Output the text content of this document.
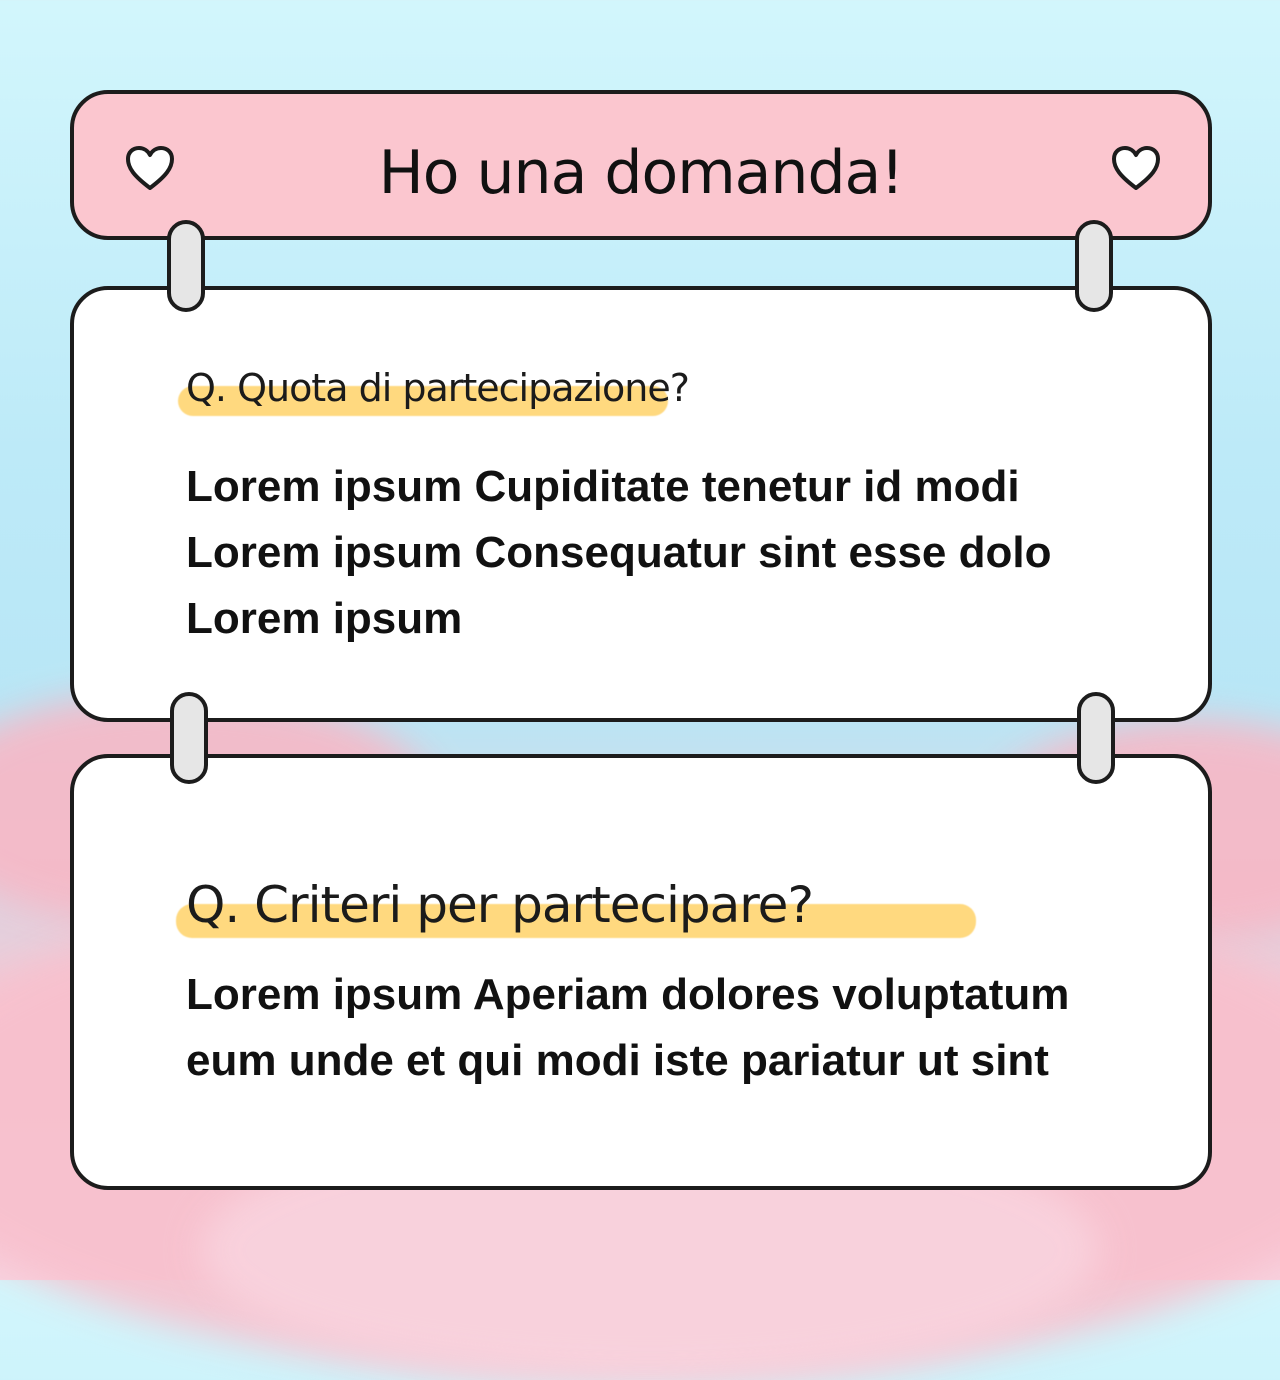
Ho una domanda!
Q. Quota di partecipazione?

Lorem ipsum Cupiditate tenetur id modi
Lorem ipsum Consequatur sint esse dolo
Lorem ipsum

Q. Criteri per partecipare?

Lorem ipsum Aperiam dolores voluptatum
eum unde et qui modi iste pariatur ut sint
